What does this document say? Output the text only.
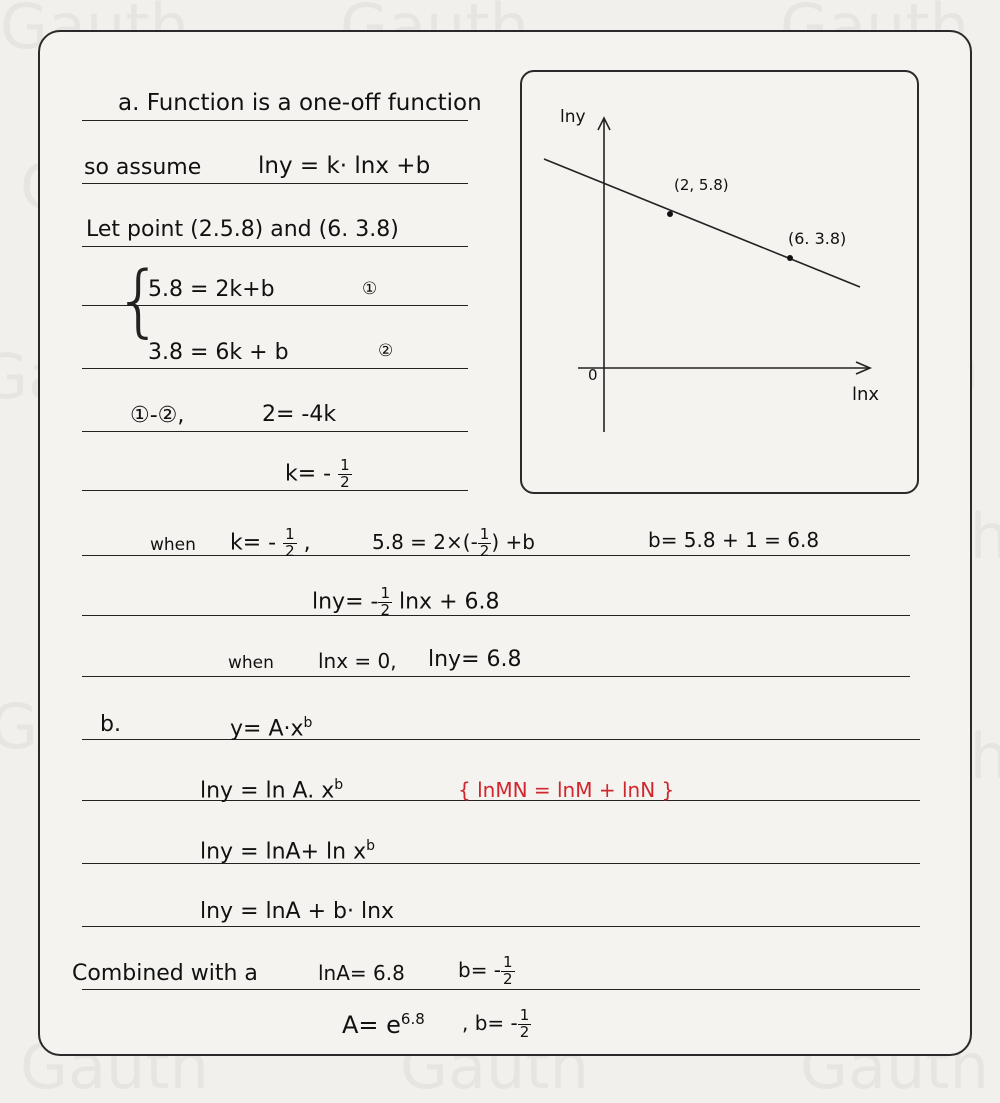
a. Function is a one-off function
so assume lny = k· lnx +b
Let point (2.5.8) and (6. 3.8)
{
5.8 = 2k+b	①
3.8 = 6k + b	②
①-②,	2= -4k
$k= - \frac{1}{2}$
when $k= - \frac{1}{2}$ ,	$5.8 = 2\times(- \frac{1}{2}$ ) +b	b= 5.8 + 1 = 6.8
$\ln y= - \frac{1}{2}$ lnx + 6.8
when lnx = 0, lny= 6.8
b.	$y= A\cdot x^b$
lny = ln A. $x^b$	{ lnMN = lnM + lnN }
$\ln y = \ln A+ \ln x^b$
lny = lnA + b· lnx
Combined with a	lnA= 6.8	$b= - \frac{1}{2}$
$A= e^{6.8}$ , $b= - \frac{1}{2}$
lny
lnx
0
(2, 5.8)
(6. 3.8)
